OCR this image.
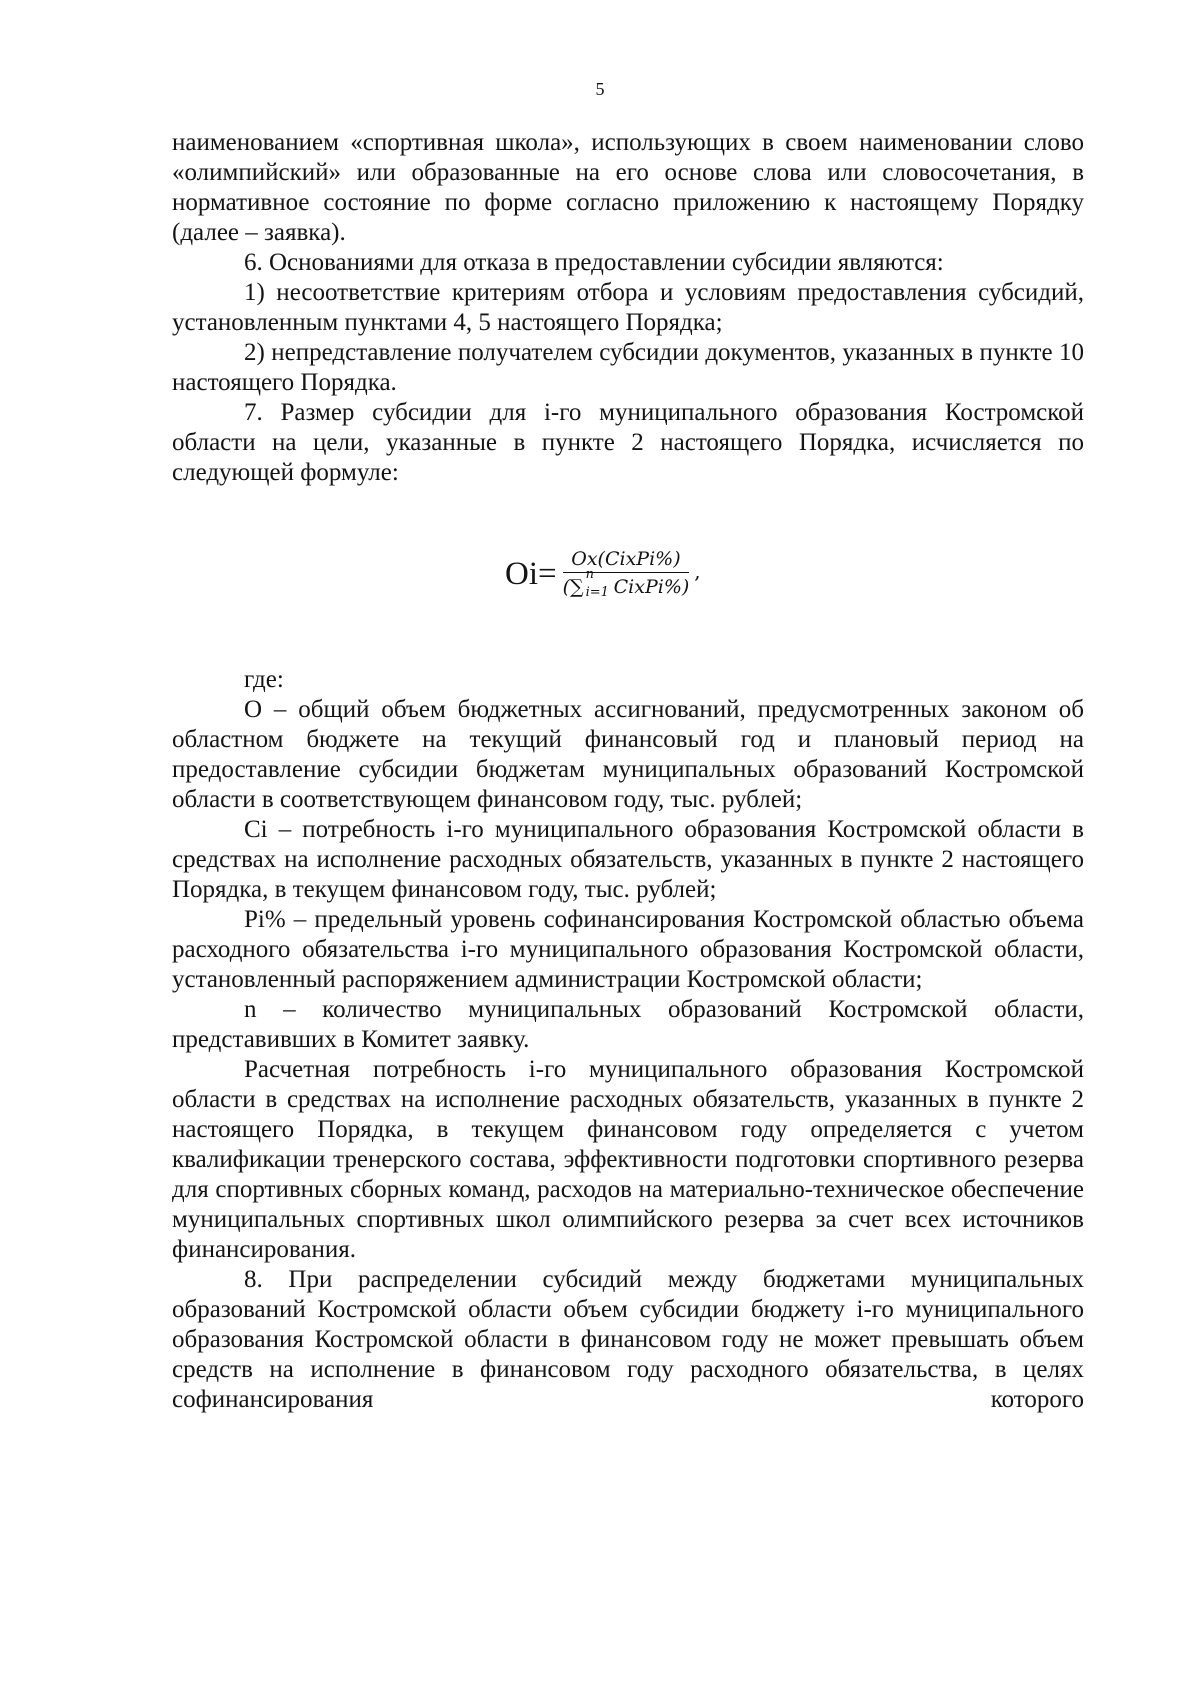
5

наименованием «спортивная школа», использующих в своем наименовании слово «олимпийский» или образованные на его основе слова или словосочетания, в нормативное состояние по форме согласно приложению к настоящему Порядку (далее – заявка).

6. Основаниями для отказа в предоставлении субсидии являются:

1) несоответствие критериям отбора и условиям предоставления субсидий, установленным пунктами 4, 5 настоящего Порядка;

2) непредставление получателем субсидии документов, указанных в пункте 10 настоящего Порядка.

7. Размер субсидии для i-го муниципального образования Костромской области на цели, указанные в пункте 2 настоящего Порядка, исчисляется по следующей формуле:

Oi= Ox(CixPi%)
(∑
n
i=1 CixPi%) ,

где:

О – общий объем бюджетных ассигнований, предусмотренных законом об областном бюджете на текущий финансовый год и плановый период на предоставление субсидии бюджетам муниципальных образований Костромской области в соответствующем финансовом году, тыс. рублей;

Ci – потребность i-го муниципального образования Костромской области в средствах на исполнение расходных обязательств, указанных в пункте 2 настоящего Порядка, в текущем финансовом году, тыс. рублей;

Pi% – предельный уровень софинансирования Костромской областью объема расходного обязательства i-го муниципального образования Костромской области, установленный распоряжением администрации Костромской области;

n – количество муниципальных образований Костромской области, представивших в Комитет заявку.

Расчетная потребность i-го муниципального образования Костромской области в средствах на исполнение расходных обязательств, указанных в пункте 2 настоящего Порядка, в текущем финансовом году определяется с учетом квалификации тренерского состава, эффективности подготовки спортивного резерва для спортивных сборных команд, расходов на материально-техническое обеспечение муниципальных спортивных школ олимпийского резерва за счет всех источников финансирования.

8. При распределении субсидий между бюджетами муниципальных образований Костромской области объем субсидии бюджету i-го муниципального образования Костромской области в финансовом году не может превышать объем средств на исполнение в финансовом году расходного обязательства, в целях софинансирования которого
